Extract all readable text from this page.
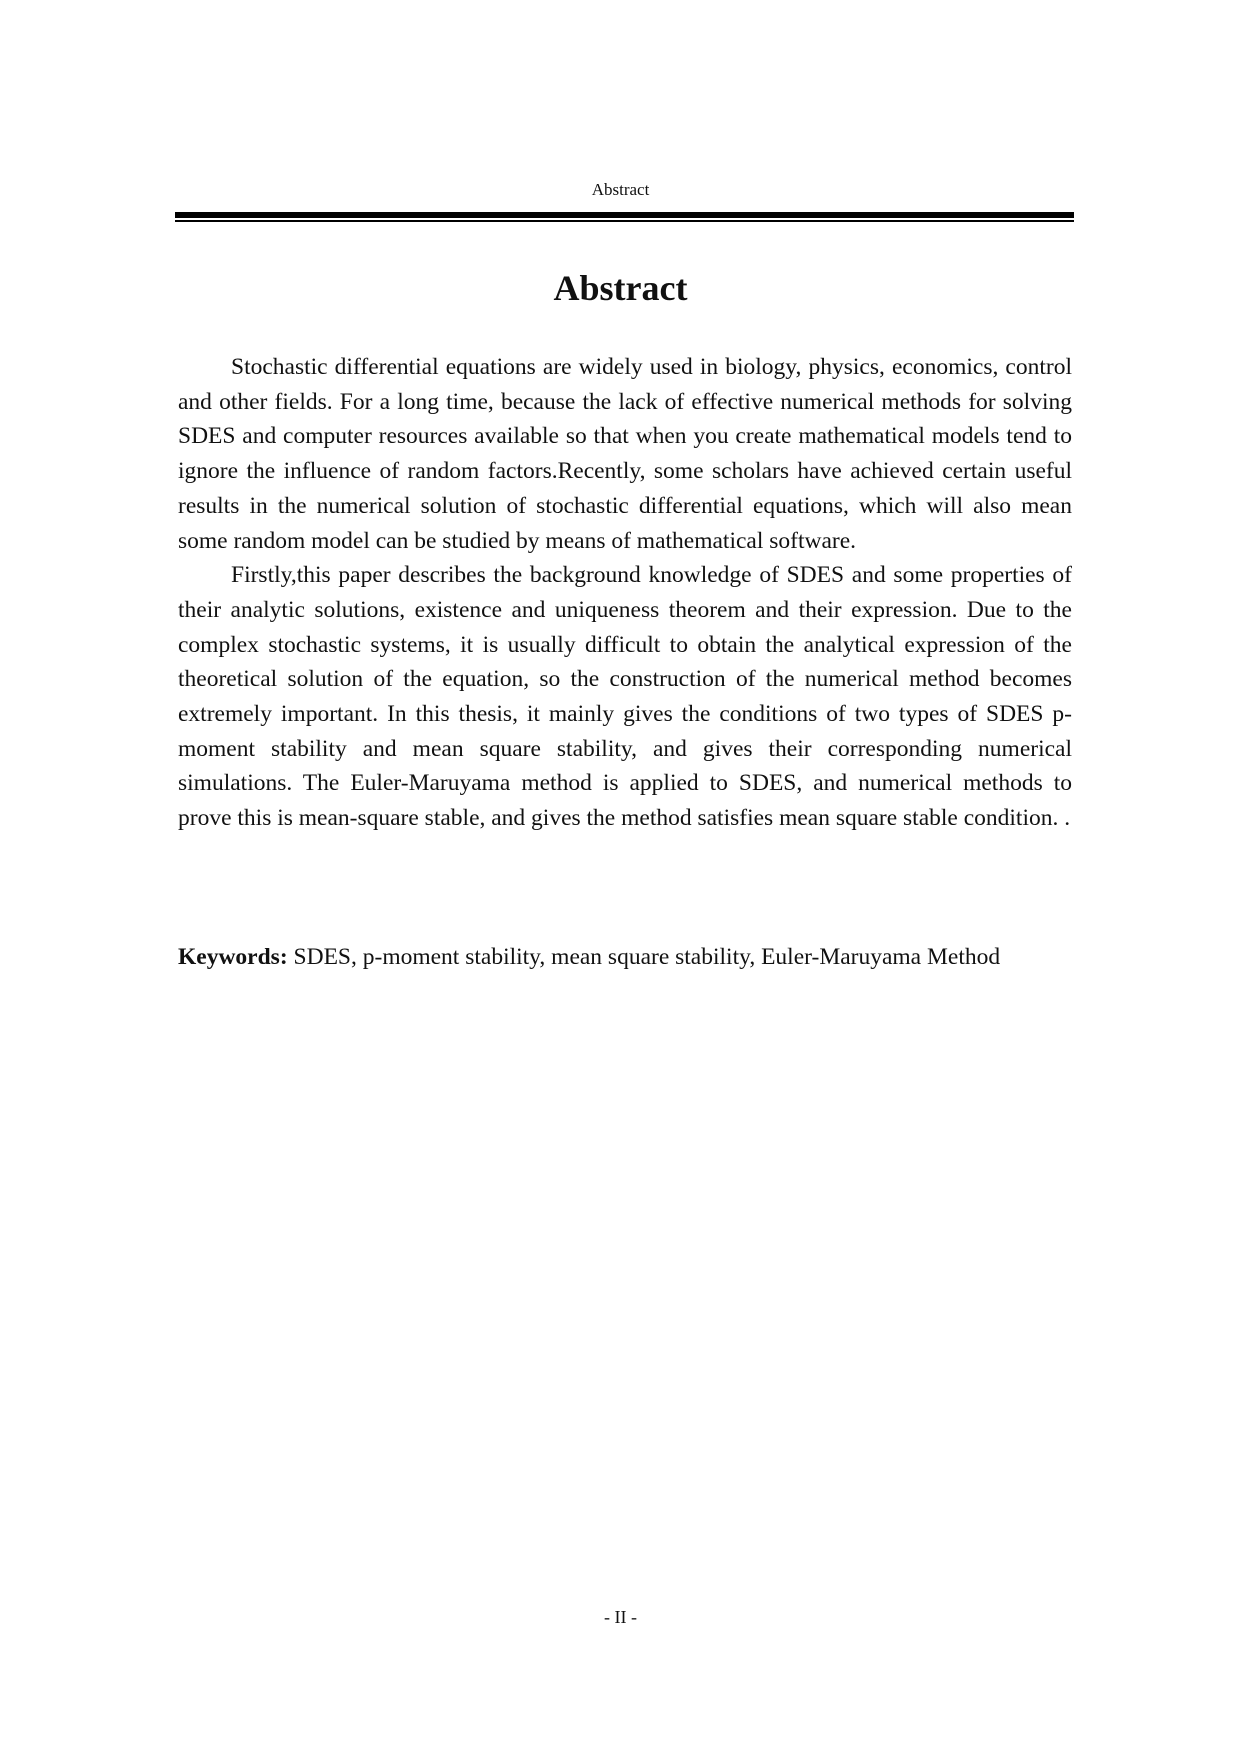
Abstract
Abstract

Stochastic differential equations are widely used in biology, physics, economics, control and other fields. For a long time, because the lack of effective numerical methods for solving SDES and computer resources available so that when you create mathematical models tend to ignore the influence of random factors.Recently, some scholars have achieved certain useful results in the numerical solution of stochastic differential equations, which will also mean some random model can be studied by means of mathematical software.

Firstly,this paper describes the background knowledge of SDES and some properties of their analytic solutions, existence and uniqueness theorem and their expression. Due to the complex stochastic systems, it is usually difficult to obtain the analytical expression of the theoretical solution of the equation, so the construction of the numerical method becomes extremely important. In this thesis, it mainly gives the conditions of two types of SDES p-moment stability and mean square stability, and gives their corresponding numerical simulations. The Euler-Maruyama method is applied to SDES, and numerical methods to prove this is mean-square stable, and gives the method satisfies mean square stable condition. .

Keywords: SDES, p-moment stability, mean square stability, Euler-Maruyama Method

- II -
